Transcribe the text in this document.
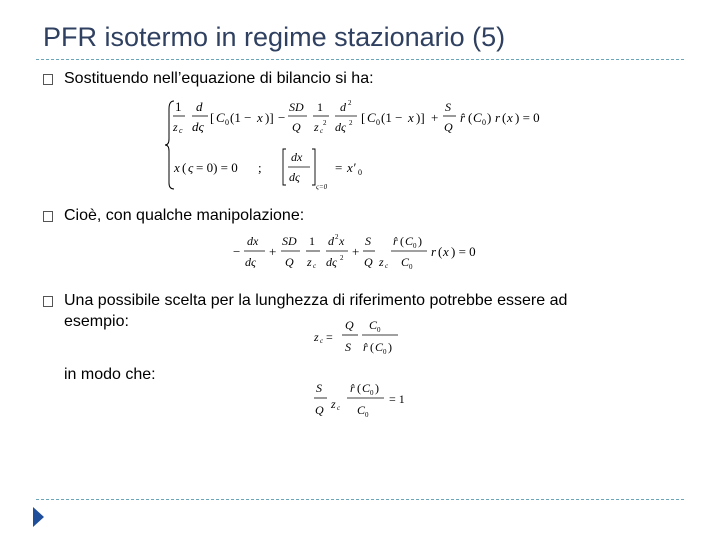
PFR isotermo in regime stazionario (5)
Sostituendo nell’equazione di bilancio si ha:
1
z c
d
dς
[ C 0 (1 − x )] −
SD
Q
1
z c
2
d 2
dς 2 [ C 0 (1 − x )] +
S
Q
r̂ ( C 0 ) r ( x ) = 0
x ( ς = 0) = 0 ;
dx
dς
ς=0
= x′ 0
Cioè, con qualche manipolazione:
−
dx
dς
+
SD
Q
1
z c
d 2 x
dς 2 +
S
Q z c
r̂ ( C 0 )
C 0
r ( x ) = 0
Una possibile scelta per la lunghezza di riferimento potrebbe essere ad
esempio:
z c =
Q
S
C 0
r̂ ( C 0 )
in modo che:
S
Q z c
r̂ ( C 0 )
C 0
= 1
